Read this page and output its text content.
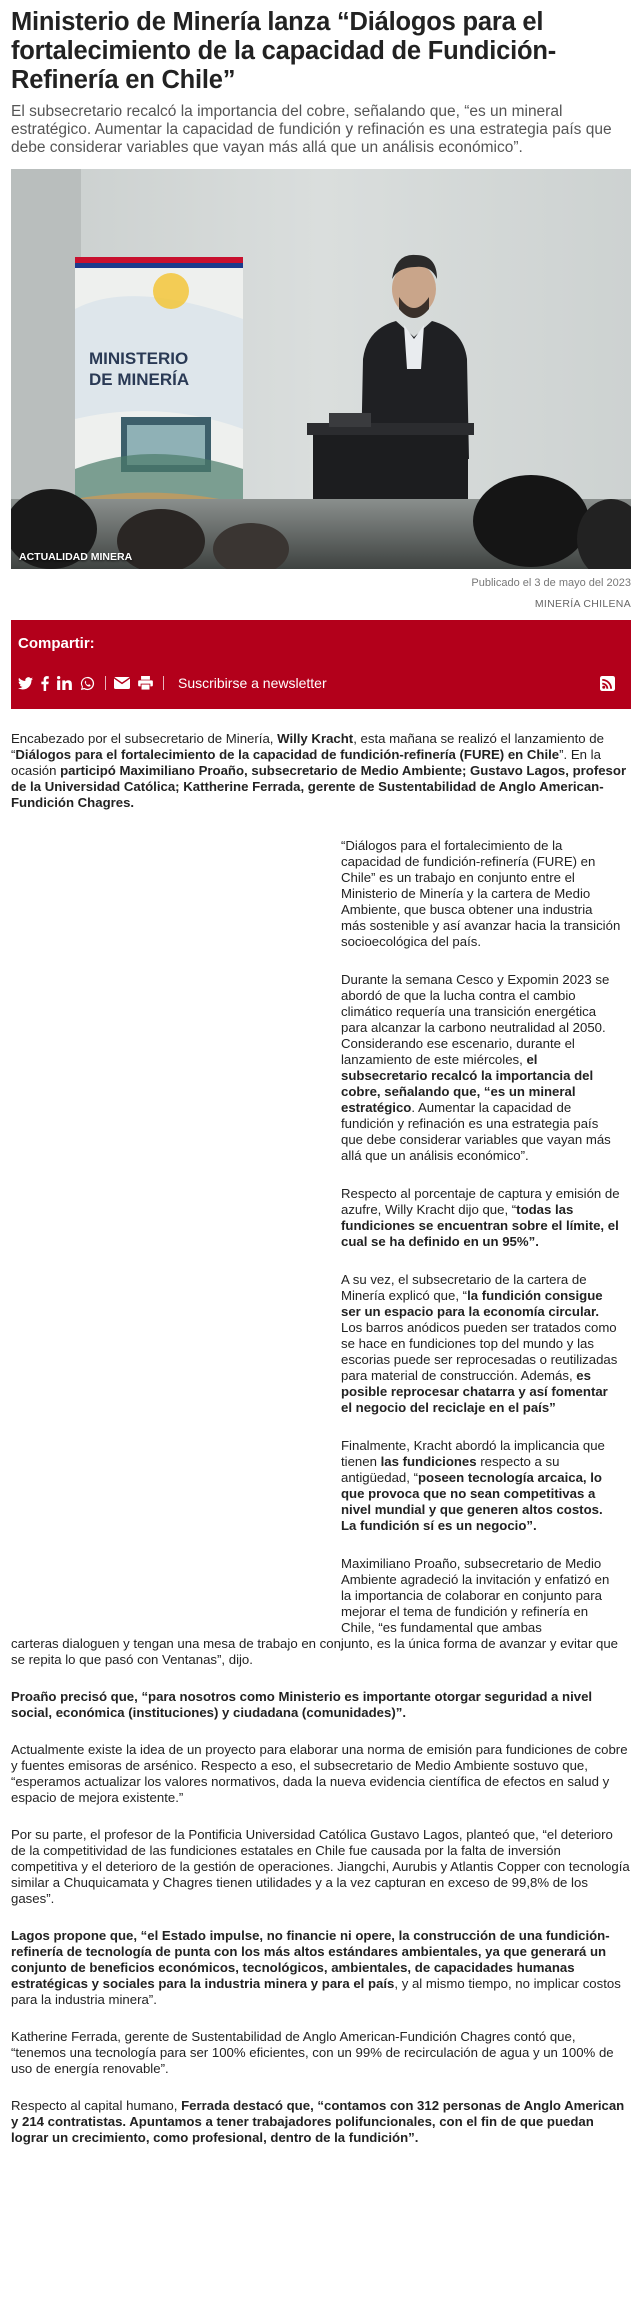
Ministerio de Minería lanza “Diálogos para el fortalecimiento de la capacidad de Fundición-Refinería en Chile”

El subsecretario recalcó la importancia del cobre, señalando que, “es un mineral estratégico. Aumentar la capacidad de fundición y refinación es una estrategia país que debe considerar variables que vayan más allá que un análisis económico”.

MINISTERIO
DE MINERÍA
ACTUALIDAD MINERA
Publicado el 3 de mayo del 2023
MINERÍA CHILENA
Compartir:
Suscribirse a newsletter

Encabezado por el subsecretario de Minería, Willy Kracht, esta mañana se realizó el lanzamiento de “Diálogos para el fortalecimiento de la capacidad de fundición-refinería (FURE) en Chile”. En la ocasión participó Maximiliano Proaño, subsecretario de Medio Ambiente; Gustavo Lagos, profesor de la Universidad Católica; Kattherine Ferrada, gerente de Sustentabilidad de Anglo American-Fundición Chagres.

“Diálogos para el fortalecimiento de la capacidad de fundición-refinería (FURE) en Chile” es un trabajo en conjunto entre el Ministerio de Minería y la cartera de Medio Ambiente, que busca obtener una industria más sostenible y así avanzar hacia la transición socioecológica del país.

Durante la semana Cesco y Expomin 2023 se abordó de que la lucha contra el cambio climático requería una transición energética para alcanzar la carbono neutralidad al 2050. Considerando ese escenario, durante el lanzamiento de este miércoles, el subsecretario recalcó la importancia del cobre, señalando que, “es un mineral estratégico. Aumentar la capacidad de fundición y refinación es una estrategia país que debe considerar variables que vayan más allá que un análisis económico”.

Respecto al porcentaje de captura y emisión de azufre, Willy Kracht dijo que, “todas las fundiciones se encuentran sobre el límite, el cual se ha definido en un 95%”.

A su vez, el subsecretario de la cartera de Minería explicó que, “la fundición consigue ser un espacio para la economía circular. Los barros anódicos pueden ser tratados como se hace en fundiciones top del mundo y las escorias puede ser reprocesadas o reutilizadas para material de construcción. Además, es posible reprocesar chatarra y así fomentar el negocio del reciclaje en el país”

Finalmente, Kracht abordó la implicancia que tienen las fundiciones respecto a su antigüedad, “poseen tecnología arcaica, lo que provoca que no sean competitivas a nivel mundial y que generen altos costos. La fundición sí es un negocio”.

Maximiliano Proaño, subsecretario de Medio Ambiente agradeció la invitación y enfatizó en la importancia de colaborar en conjunto para mejorar el tema de fundición y refinería en Chile, “es fundamental que ambas

carteras dialoguen y tengan una mesa de trabajo en conjunto, es la única forma de avanzar y evitar que se repita lo que pasó con Ventanas”, dijo.

Proaño precisó que, “para nosotros como Ministerio es importante otorgar seguridad a nivel social, económica (instituciones) y ciudadana (comunidades)”.

Actualmente existe la idea de un proyecto para elaborar una norma de emisión para fundiciones de cobre y fuentes emisoras de arsénico. Respecto a eso, el subsecretario de Medio Ambiente sostuvo que, “esperamos actualizar los valores normativos, dada la nueva evidencia científica de efectos en salud y espacio de mejora existente.”

Por su parte, el profesor de la Pontificia Universidad Católica Gustavo Lagos, planteó que, “el deterioro de la competitividad de las fundiciones estatales en Chile fue causada por la falta de inversión competitiva y el deterioro de la gestión de operaciones. Jiangchi, Aurubis y Atlantis Copper con tecnología similar a Chuquicamata y Chagres tienen utilidades y a la vez capturan en exceso de 99,8% de los gases”.

Lagos propone que, “el Estado impulse, no financie ni opere, la construcción de una fundición-refinería de tecnología de punta con los más altos estándares ambientales, ya que generará un conjunto de beneficios económicos, tecnológicos, ambientales, de capacidades humanas estratégicas y sociales para la industria minera y para el país, y al mismo tiempo, no implicar costos para la industria minera”.

Katherine Ferrada, gerente de Sustentabilidad de Anglo American-Fundición Chagres contó que, “tenemos una tecnología para ser 100% eficientes, con un 99% de recirculación de agua y un 100% de uso de energía renovable”.

Respecto al capital humano, Ferrada destacó que, “contamos con 312 personas de Anglo American y 214 contratistas. Apuntamos a tener trabajadores polifuncionales, con el fin de que puedan lograr un crecimiento, como profesional, dentro de la fundición”.
